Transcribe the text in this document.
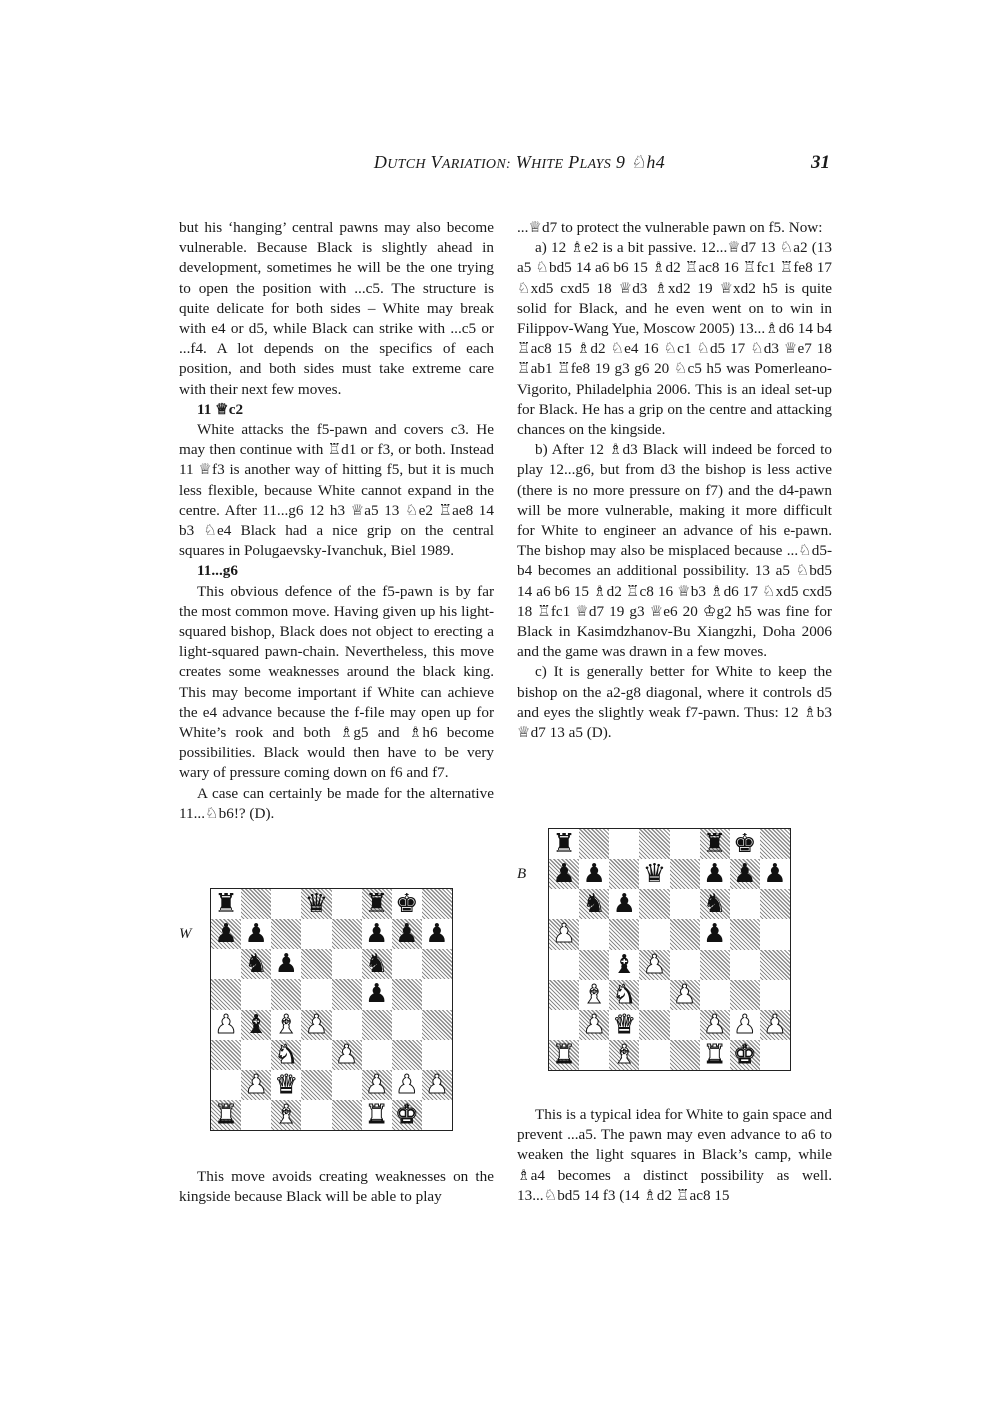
DUTCH VARIATION: WHITE PLAYS 9 ♘h4	31

but his ‘hanging’ central pawns may also become vulnerable. Because Black is slightly ahead in development, sometimes he will be the one trying to open the position with ...c5. The structure is quite delicate for both sides – White may break with e4 or d5, while Black can strike with ...c5 or ...f4. A lot depends on the specifics of each position, and both sides must take extreme care with their next few moves.

11 ♕c2

White attacks the f5-pawn and covers c3. He may then continue with ♖d1 or f3, or both. Instead 11 ♕f3 is another way of hitting f5, but it is much less flexible, because White cannot expand in the centre. After 11...g6 12 h3 ♕a5 13 ♘e2 ♖ae8 14 b3 ♘e4 Black had a nice grip on the central squares in Polugaevsky-Ivanchuk, Biel 1989.

11...g6

This obvious defence of the f5-pawn is by far the most common move. Having given up his light-squared bishop, Black does not object to erecting a light-squared pawn-chain. Nevertheless, this move creates some weaknesses around the black king. This may become important if White can achieve the e4 advance because the f-file may open up for White’s rook and both ♗g5 and ♗h6 become possibilities. Black would then have to be very wary of pressure coming down on f6 and f7.

A case can certainly be made for the alternative 11...♘b6!? (D).

W
♜	♛ ♜ ♚
♟ ♟	♟ ♟ ♟
♞ ♟	♞
♟
♟ ♝ ♝ ♟
♞ ♟
♟ ♛	♟ ♟ ♟
♜ ♝	♜ ♚

This move avoids creating weaknesses on the kingside because Black will be able to play

...♕d7 to protect the vulnerable pawn on f5. Now:

a) 12 ♗e2 is a bit passive. 12...♕d7 13 ♘a2 (13 a5 ♘bd5 14 a6 b6 15 ♗d2 ♖ac8 16 ♖fc1 ♖fe8 17 ♘xd5 cxd5 18 ♕d3 ♗xd2 19 ♕xd2 h5 is quite solid for Black, and he even went on to win in Filippov-Wang Yue, Moscow 2005) 13...♗d6 14 b4 ♖ac8 15 ♗d2 ♘e4 16 ♘c1 ♘d5 17 ♘d3 ♕e7 18 ♖ab1 ♖fe8 19 g3 g6 20 ♘c5 h5 was Pomerleano-Vigorito, Philadelphia 2006. This is an ideal set-up for Black. He has a grip on the centre and attacking chances on the kingside.

b) After 12 ♗d3 Black will indeed be forced to play 12...g6, but from d3 the bishop is less active (there is no more pressure on f7) and the d4-pawn will be more vulnerable, making it more difficult for White to engineer an advance of his e-pawn. The bishop may also be misplaced because ...♘d5-b4 becomes an additional possibility. 13 a5 ♘bd5 14 a6 b6 15 ♗d2 ♖c8 16 ♕b3 ♗d6 17 ♘xd5 cxd5 18 ♖fc1 ♕d7 19 g3 ♕e6 20 ♔g2 h5 was fine for Black in Kasimdzhanov-Bu Xiangzhi, Doha 2006 and the game was drawn in a few moves.

c) It is generally better for White to keep the bishop on the a2-g8 diagonal, where it controls d5 and eyes the slightly weak f7-pawn. Thus: 12 ♗b3 ♕d7 13 a5 (D).

B
♜	♜ ♚
♟ ♟ ♛ ♟ ♟ ♟
♞ ♟	♞
♟	♟
♝ ♟
♝ ♞ ♟
♟ ♛	♟ ♟ ♟
♜ ♝	♜ ♚

This is a typical idea for White to gain space and prevent ...a5. The pawn may even advance to a6 to weaken the light squares in Black’s camp, while ♗a4 becomes a distinct possibility as well. 13...♘bd5 14 f3 (14 ♗d2 ♖ac8 15
